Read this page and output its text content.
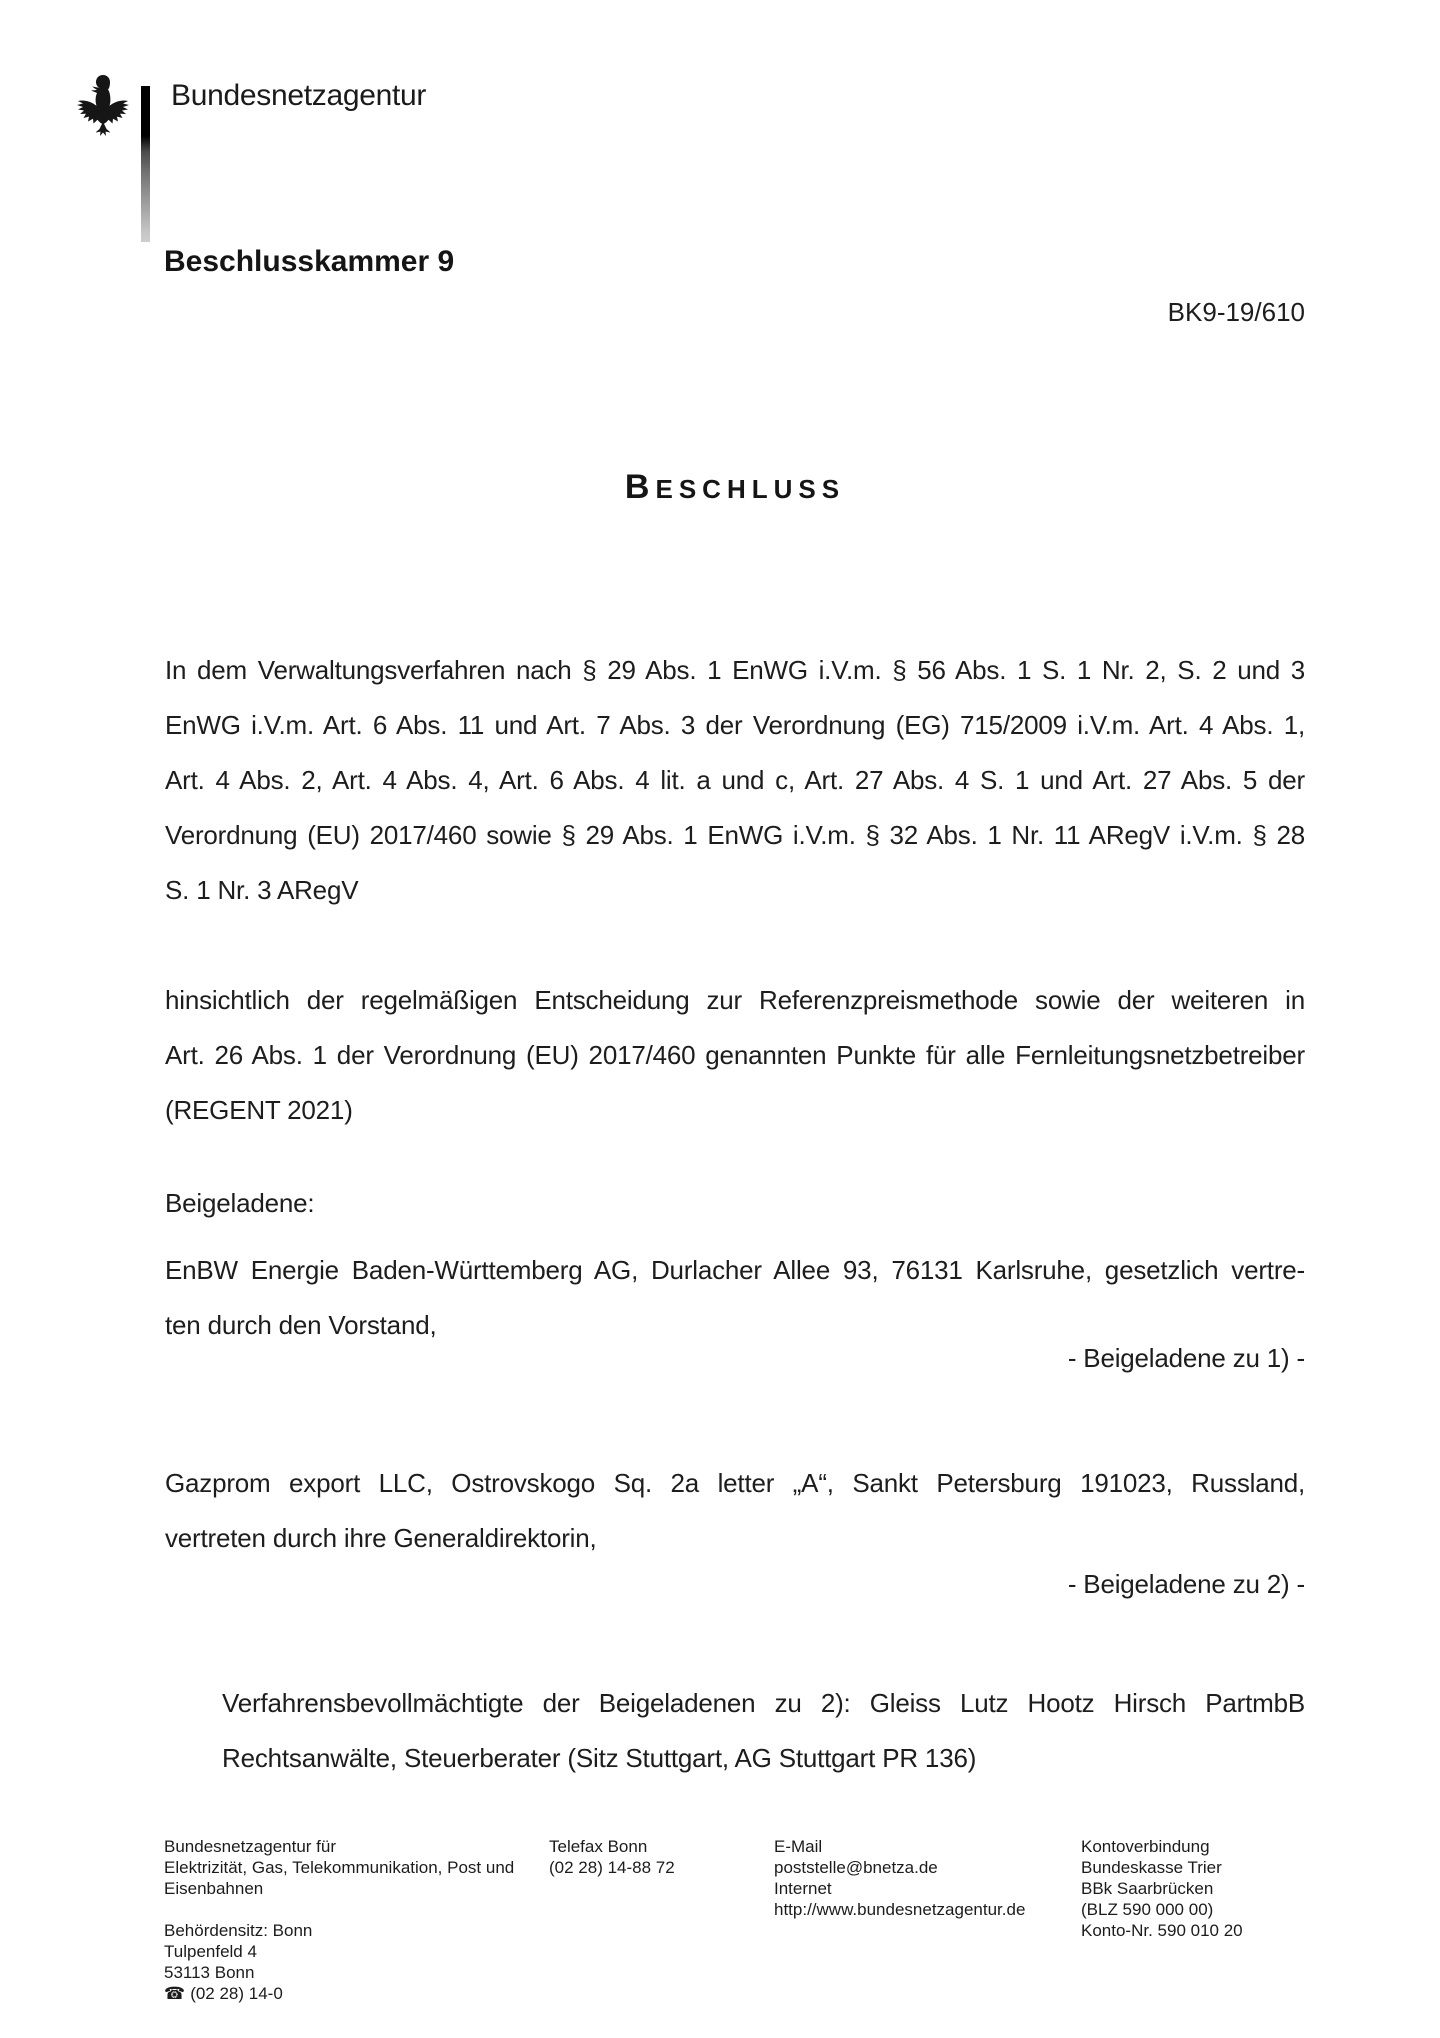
Bundesnetzagentur
Beschlusskammer 9
BK9-19/610
BESCHLUSS
In dem Verwaltungsverfahren nach § 29 Abs. 1 EnWG i.V.m. § 56 Abs. 1 S. 1 Nr. 2, S. 2 und 3
EnWG i.V.m. Art. 6 Abs. 11 und Art. 7 Abs. 3 der Verordnung (EG) 715/2009 i.V.m. Art. 4 Abs. 1,
Art. 4 Abs. 2, Art. 4 Abs. 4, Art. 6 Abs. 4 lit. a und c, Art. 27 Abs. 4 S. 1 und Art. 27 Abs. 5 der
Verordnung (EU) 2017/460 sowie § 29 Abs. 1 EnWG i.V.m. § 32 Abs. 1 Nr. 11 ARegV i.V.m. § 28
S. 1 Nr. 3 ARegV
hinsichtlich der regelmäßigen Entscheidung zur Referenzpreismethode sowie der weiteren in
Art. 26 Abs. 1 der Verordnung (EU) 2017/460 genannten Punkte für alle Fernleitungsnetzbetreiber
(REGENT 2021)
Beigeladene:
EnBW Energie Baden-Württemberg AG, Durlacher Allee 93, 76131 Karlsruhe, gesetzlich vertre-
ten durch den Vorstand,
- Beigeladene zu 1) -
Gazprom export LLC, Ostrovskogo Sq. 2a letter „A“, Sankt Petersburg 191023, Russland,
vertreten durch ihre Generaldirektorin,
- Beigeladene zu 2) -
Verfahrensbevollmächtigte der Beigeladenen zu 2): Gleiss Lutz Hootz Hirsch PartmbB
Rechtsanwälte, Steuerberater (Sitz Stuttgart, AG Stuttgart PR 136)
Bundesnetzagentur für
Elektrizität, Gas, Telekommunikation, Post und
Eisenbahnen
Behördensitz: Bonn
Tulpenfeld 4
53113 Bonn
☎ (02 28) 14-0
Telefax Bonn
(02 28) 14-88 72
E-Mail
poststelle@bnetza.de
Internet
http://www.bundesnetzagentur.de
Kontoverbindung
Bundeskasse Trier
BBk Saarbrücken
(BLZ 590 000 00)
Konto-Nr. 590 010 20
